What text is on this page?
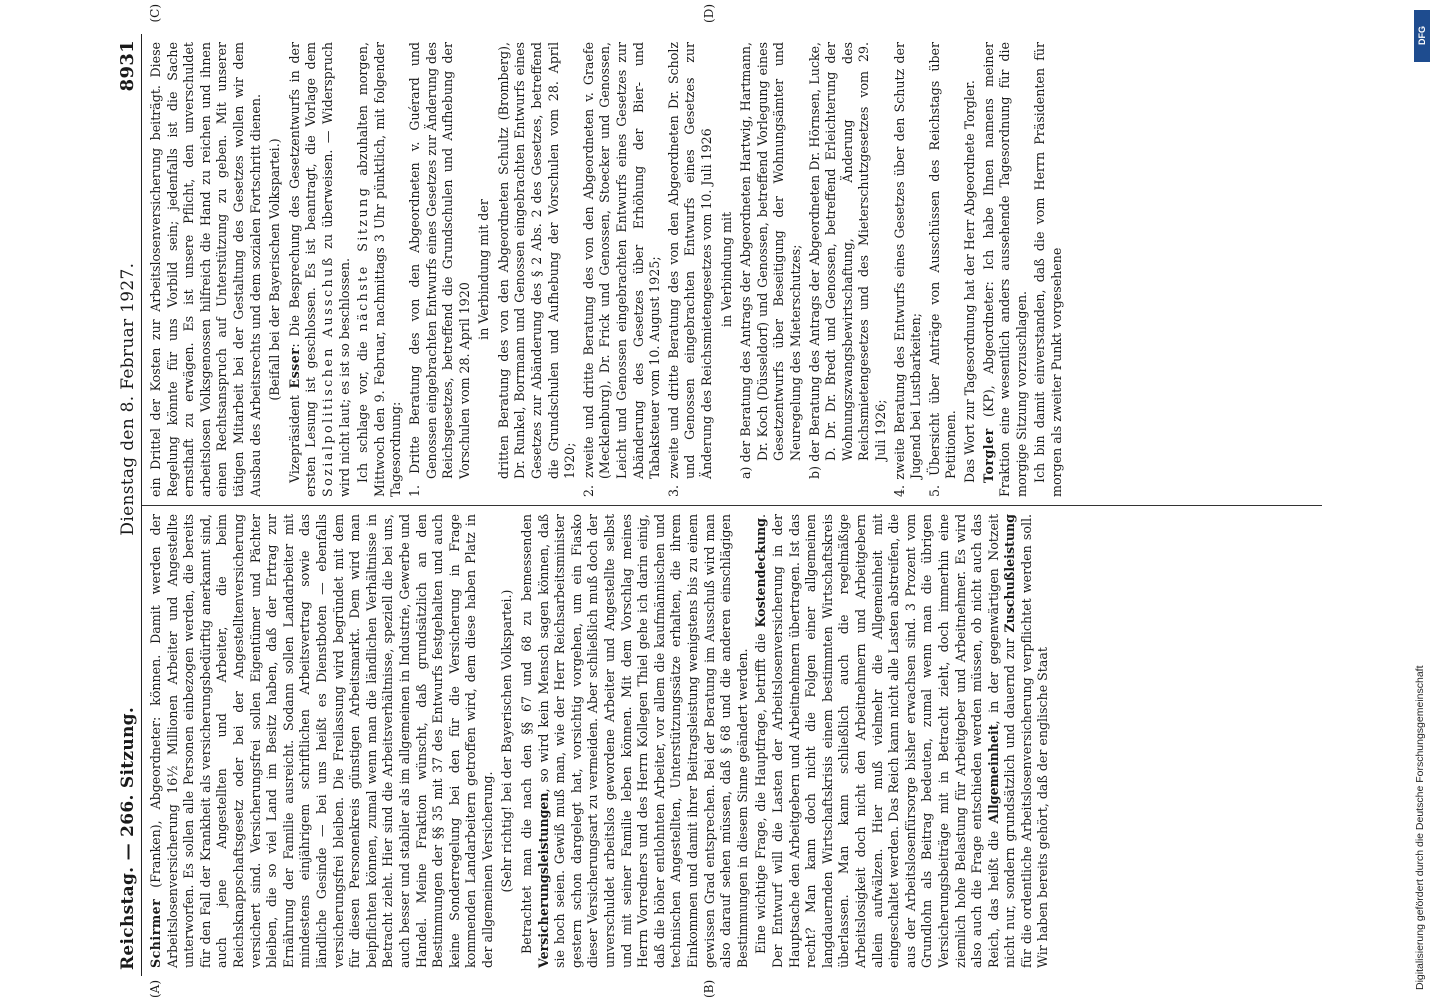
Reichstag. — 266. Sitzung.
Dienstag den 8. Februar 1927.
8931
(A)	(B)
(C)	(D)

Schirmer (Franken), Abgeordneter: können. Damit werden der Arbeitslosenversicherung 16½ Millionen Arbeiter und Angestellte unterworfen. Es sollen alle Personen einbezogen werden, die bereits für den Fall der Krankheit als versicherungsbedürftig anerkannt sind, auch jene Angestellten und Arbeiter, die beim Reichsknappschaftsgesetz oder bei der Angestelltenversicherung versichert sind. Versicherungsfrei sollen Eigentümer und Pächter bleiben, die so viel Land im Besitz haben, daß der Ertrag zur Ernährung der Familie ausreicht. Sodann sollen Landarbeiter mit mindestens einjährigem schriftlichen Arbeitsvertrag sowie das ländliche Gesinde — bei uns heißt es Dienstboten — ebenfalls versicherungsfrei bleiben. Die Freilassung wird begründet mit dem für diesen Personenkreis günstigen Arbeitsmarkt. Dem wird man beipflichten können, zumal wenn man die ländlichen Verhältnisse in Betracht zieht. Hier sind die Arbeitsverhältnisse, speziell die bei uns, auch besser und stabiler als im allgemeinen in Industrie, Gewerbe und Handel. Meine Fraktion wünscht, daß grundsätzlich an den Bestimmungen der §§ 35 mit 37 des Entwurfs festgehalten und auch keine Sonderregelung bei den für die Versicherung in Frage kommenden Landarbeitern getroffen wird, dem diese haben Platz in der allgemeinen Versicherung. (Sehr richtig! bei der Bayerischen Volkspartei.) Betrachtet man die nach den §§ 67 und 68 zu bemessenden Versicherungsleistungen, so wird kein Mensch sagen können, daß sie hoch seien. Gewiß muß man, wie der Herr Reichsarbeitsminister gestern schon dargelegt hat, vorsichtig vorgehen, um ein Fiasko dieser Versicherungsart zu vermeiden. Aber schließlich muß doch der unverschuldet arbeitslos gewordene Arbeiter und Angestellte selbst und mit seiner Familie leben können. Mit dem Vorschlag meines Herrn Vorredners und des Herrn Kollegen Thiel gehe ich darin einig, daß die höher entlohnten Arbeiter, vor allem die kaufmännischen und technischen Angestellten, Unterstützungssätze erhalten, die ihrem Einkommen und damit ihrer Beitragsleistung wenigstens bis zu einem gewissen Grad entsprechen. Bei der Beratung im Ausschuß wird man also darauf sehen müssen, daß § 68 und die anderen einschlägigen Bestimmungen in diesem Sinne geändert werden. Eine wichtige Frage, die Hauptfrage, betrifft die Kostendeckung. Der Entwurf will die Lasten der Arbeitslosenversicherung in der Hauptsache den Arbeitgebern und Arbeitnehmern übertragen. Ist das recht? Man kann doch nicht die Folgen einer allgemeinen langdauernden Wirtschaftskrisis einem bestimmten Wirtschaftskreis überlassen. Man kann schließlich auch die regelmäßige Arbeitslosigkeit doch nicht den Arbeitnehmern und Arbeitgebern allein aufwälzen. Hier muß vielmehr die Allgemeinheit mit eingeschaltet werden. Das Reich kann nicht alle Lasten abstreifen, die aus der Arbeitslosenfürsorge bisher erwachsen sind. 3 Prozent vom Grundlohn als Beitrag bedeuten, zumal wenn man die übrigen Versicherungsbeiträge mit in Betracht zieht, doch immerhin eine ziemlich hohe Belastung für Arbeitgeber und Arbeitnehmer. Es wird also auch die Frage entschieden werden müssen, ob nicht auch das Reich, das heißt die Allgemeinheit, in der gegenwärtigen Notzeit nicht nur, sondern grundsätzlich und dauernd zur Zuschußleistung für die ordentliche Arbeitslosenversicherung verpflichtet werden soll. Wir haben bereits gehört, daß der englische Staat

ein Drittel der Kosten zur Arbeitslosenversicherung beiträgt. Diese Regelung könnte für uns Vorbild sein; jedenfalls ist die Sache ernsthaft zu erwägen. Es ist unsere Pflicht, den unverschuldet arbeitslosen Volksgenossen hilfreich die Hand zu reichen und ihnen einen Rechtsanspruch auf Unterstützung zu geben. Mit unserer tätigen Mitarbeit bei der Gestaltung des Gesetzes wollen wir dem Ausbau des Arbeitsrechts und dem sozialen Fortschritt dienen. (Beifall bei der Bayerischen Volkspartei.)

Vizepräsident Esser: Die Besprechung des Gesetzentwurfs in der ersten Lesung ist geschlossen. Es ist beantragt, die Vorlage dem Sozialpolitischen Ausschuß zu überweisen. — Widerspruch wird nicht laut; es ist so beschlossen. Ich schlage vor, die nächste Sitzung abzuhalten morgen, Mittwoch den 9. Februar, nachmittags 3 Uhr pünktlich, mit folgender Tagesordnung: 1. Dritte Beratung des von den Abgeordneten v. Guérard und Genossen eingebrachten Entwurfs eines Gesetzes zur Änderung des Reichsgesetzes, betreffend die Grundschulen und Aufhebung der Vorschulen vom 28. April 1920

in Verbindung mit der dritten Beratung des von den Abgeordneten Schultz (Bromberg), Dr. Runkel, Borrmann und Genossen eingebrachten Entwurfs eines Gesetzes zur Abänderung des § 2 Abs. 2 des Gesetzes, betreffend die Grundschulen und Aufhebung der Vorschulen vom 28. April 1920; 2. zweite und dritte Beratung des von den Abgeordneten v. Graefe (Mecklenburg), Dr. Frick und Genossen, Stoecker und Genossen, Leicht und Genossen eingebrachten Entwurfs eines Gesetzes zur Abänderung des Gesetzes über Erhöhung der Bier- und Tabaksteuer vom 10. August 1925; 3. zweite und dritte Beratung des von den Abgeordneten Dr. Scholz und Genossen eingebrachten Entwurfs eines Gesetzes zur Änderung des Reichsmietengesetzes vom 10. Juli 1926 in Verbindung mit a) der Beratung des Antrags der Abgeordneten Hartwig, Hartmann, Dr. Koch (Düsseldorf) und Genossen, betreffend Vorlegung eines Gesetzentwurfs über Beseitigung der Wohnungsämter und Neuregelung des Mieterschutzes; b) der Beratung des Antrags der Abgeordneten Dr. Hörnsen, Lucke, D. Dr. Dr. Bredt und Genossen, betreffend Erleichterung der Wohnungszwangsbewirtschaftung, Änderung des Reichsmietengesetzes und des Mieterschutzgesetzes vom 29. Juli 1926; 4. zweite Beratung des Entwurfs eines Gesetzes über den Schutz der Jugend bei Lustbarkeiten; 5. Übersicht über Anträge von Ausschüssen des Reichstags über Petitionen. Das Wort zur Tagesordnung hat der Herr Abgeordnete Torgler. Torgler (KP), Abgeordneter: Ich habe Ihnen namens meiner Fraktion eine wesentlich anders aussehende Tagesordnung für die morgige Sitzung vorzuschlagen. Ich bin damit einverstanden, daß die vom Herrn Präsidenten für morgen als zweiter Punkt vorgesehene

DFG
Digitalisierung gefördert durch die Deutsche Forschungsgemeinschaft
